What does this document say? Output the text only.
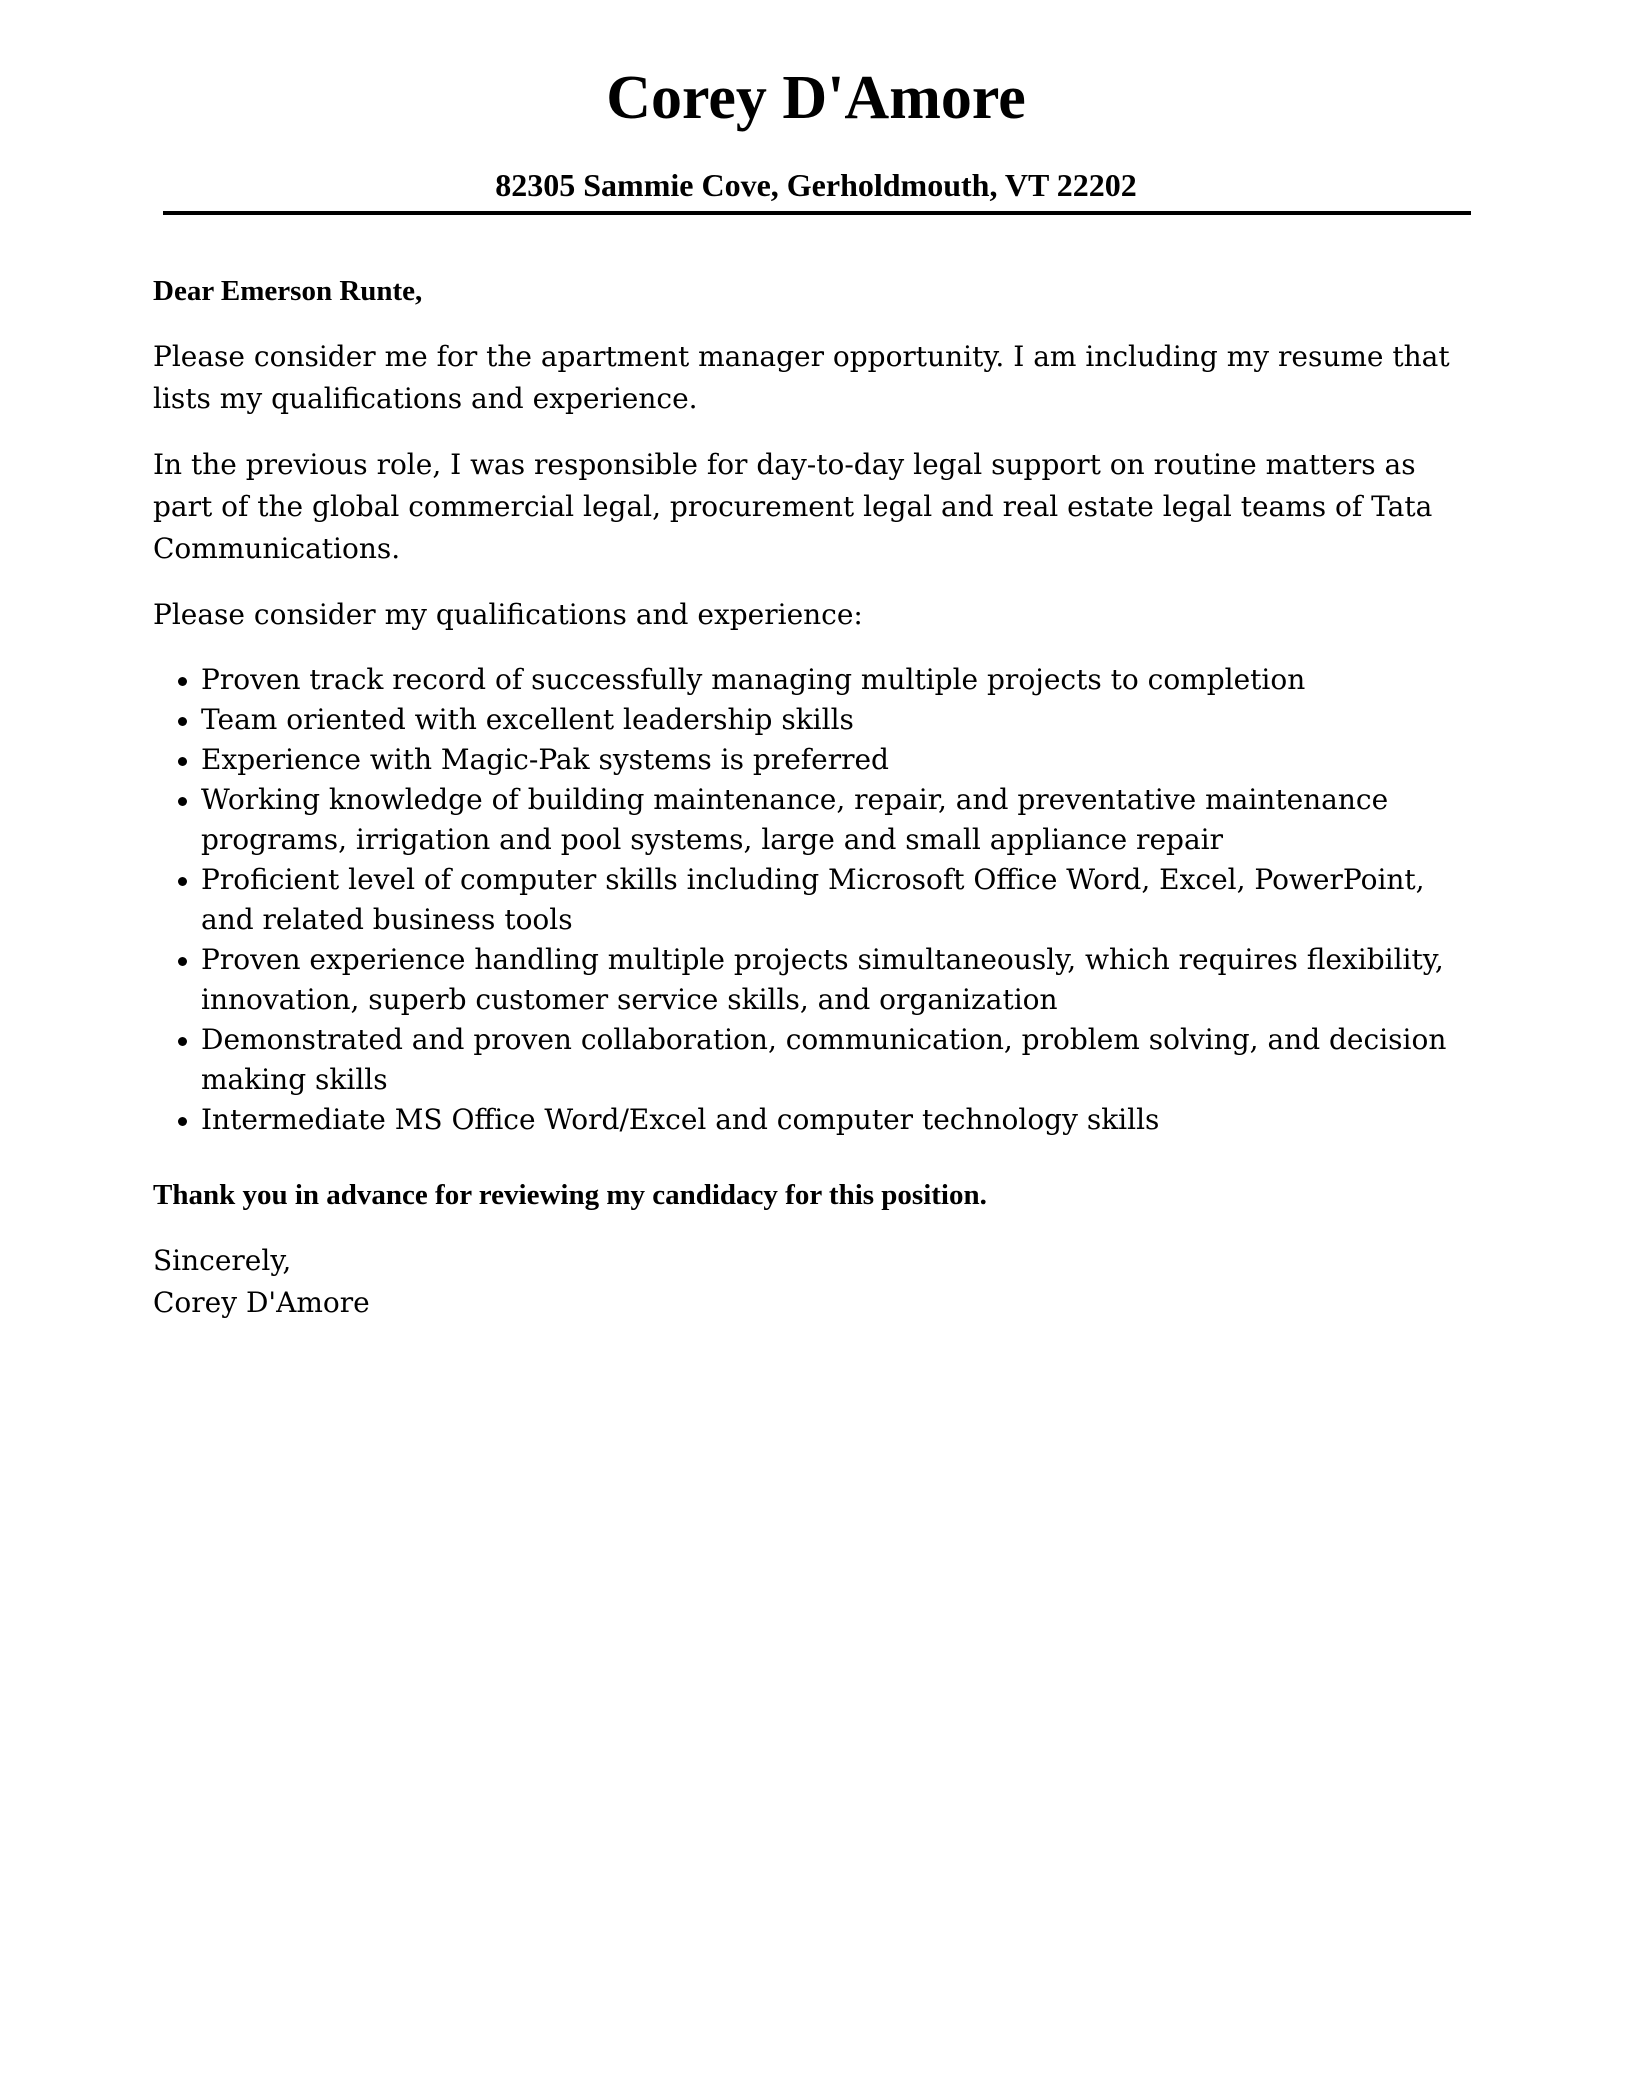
Corey D'Amore
82305 Sammie Cove, Gerholdmouth, VT 22202

Dear Emerson Runte,

Please consider me for the apartment manager opportunity. I am including my resume that lists my qualifications and experience.

In the previous role, I was responsible for day-to-day legal support on routine matters as part of the global commercial legal, procurement legal and real estate legal teams of Tata Communications.

Please consider my qualifications and experience:

Proven track record of successfully managing multiple projects to completion
Team oriented with excellent leadership skills
Experience with Magic-Pak systems is preferred
Working knowledge of building maintenance, repair, and preventative maintenance programs, irrigation and pool systems, large and small appliance repair
Proficient level of computer skills including Microsoft Office Word, Excel, PowerPoint, and related business tools
Proven experience handling multiple projects simultaneously, which requires flexibility, innovation, superb customer service skills, and organization
Demonstrated and proven collaboration, communication, problem solving, and decision making skills
Intermediate MS Office Word/Excel and computer technology skills

Thank you in advance for reviewing my candidacy for this position.

Sincerely,

Corey D'Amore
